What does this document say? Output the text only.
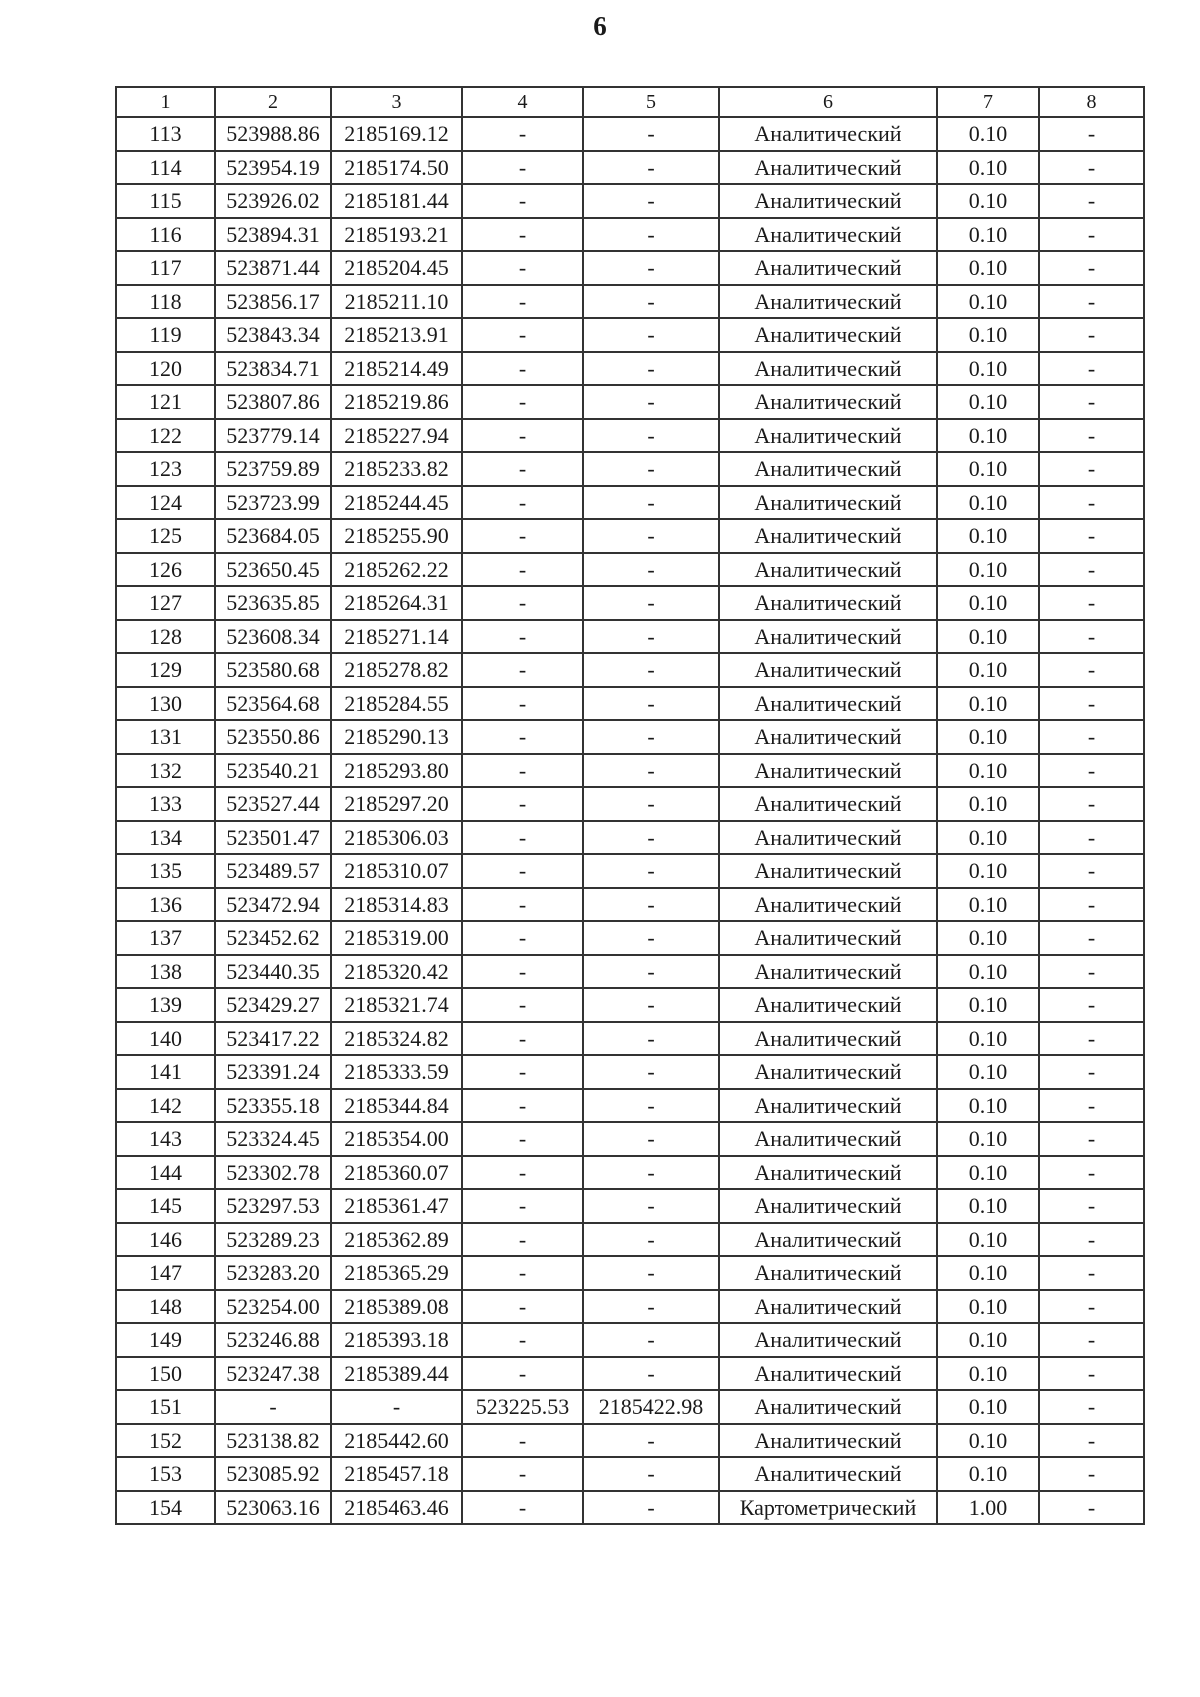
6
1	2	3	4	5	6	7	8
113	523988.86	2185169.12	-	-	Аналитический	0.10	-
114	523954.19	2185174.50	-	-	Аналитический	0.10	-
115	523926.02	2185181.44	-	-	Аналитический	0.10	-
116	523894.31	2185193.21	-	-	Аналитический	0.10	-
117	523871.44	2185204.45	-	-	Аналитический	0.10	-
118	523856.17	2185211.10	-	-	Аналитический	0.10	-
119	523843.34	2185213.91	-	-	Аналитический	0.10	-
120	523834.71	2185214.49	-	-	Аналитический	0.10	-
121	523807.86	2185219.86	-	-	Аналитический	0.10	-
122	523779.14	2185227.94	-	-	Аналитический	0.10	-
123	523759.89	2185233.82	-	-	Аналитический	0.10	-
124	523723.99	2185244.45	-	-	Аналитический	0.10	-
125	523684.05	2185255.90	-	-	Аналитический	0.10	-
126	523650.45	2185262.22	-	-	Аналитический	0.10	-
127	523635.85	2185264.31	-	-	Аналитический	0.10	-
128	523608.34	2185271.14	-	-	Аналитический	0.10	-
129	523580.68	2185278.82	-	-	Аналитический	0.10	-
130	523564.68	2185284.55	-	-	Аналитический	0.10	-
131	523550.86	2185290.13	-	-	Аналитический	0.10	-
132	523540.21	2185293.80	-	-	Аналитический	0.10	-
133	523527.44	2185297.20	-	-	Аналитический	0.10	-
134	523501.47	2185306.03	-	-	Аналитический	0.10	-
135	523489.57	2185310.07	-	-	Аналитический	0.10	-
136	523472.94	2185314.83	-	-	Аналитический	0.10	-
137	523452.62	2185319.00	-	-	Аналитический	0.10	-
138	523440.35	2185320.42	-	-	Аналитический	0.10	-
139	523429.27	2185321.74	-	-	Аналитический	0.10	-
140	523417.22	2185324.82	-	-	Аналитический	0.10	-
141	523391.24	2185333.59	-	-	Аналитический	0.10	-
142	523355.18	2185344.84	-	-	Аналитический	0.10	-
143	523324.45	2185354.00	-	-	Аналитический	0.10	-
144	523302.78	2185360.07	-	-	Аналитический	0.10	-
145	523297.53	2185361.47	-	-	Аналитический	0.10	-
146	523289.23	2185362.89	-	-	Аналитический	0.10	-
147	523283.20	2185365.29	-	-	Аналитический	0.10	-
148	523254.00	2185389.08	-	-	Аналитический	0.10	-
149	523246.88	2185393.18	-	-	Аналитический	0.10	-
150	523247.38	2185389.44	-	-	Аналитический	0.10	-
151	-	-	523225.53	2185422.98	Аналитический	0.10	-
152	523138.82	2185442.60	-	-	Аналитический	0.10	-
153	523085.92	2185457.18	-	-	Аналитический	0.10	-
154	523063.16	2185463.46	-	-	Картометрический	1.00	-
